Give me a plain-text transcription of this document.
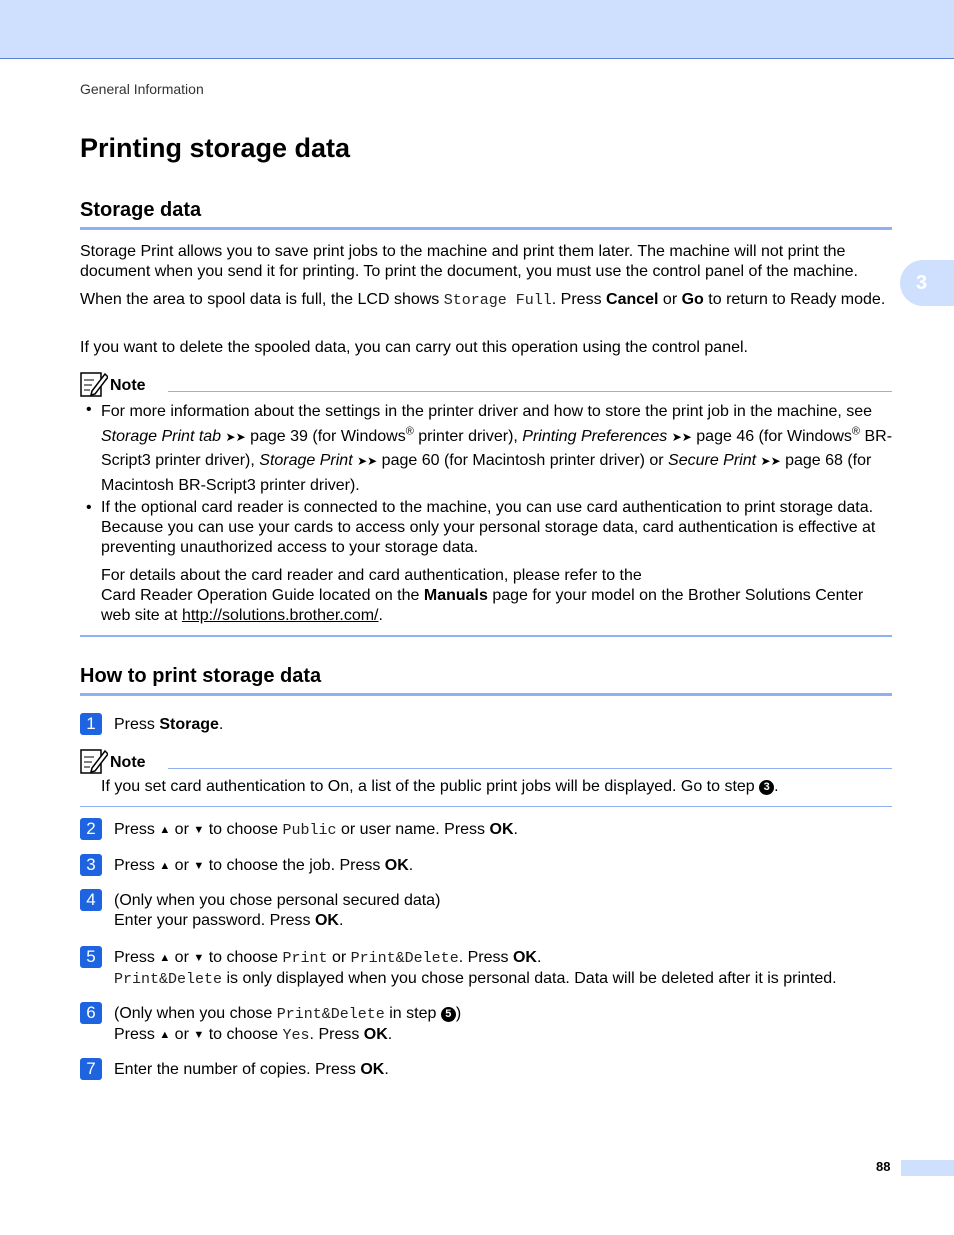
General Information
3
Printing storage data
Storage data

Storage Print allows you to save print jobs to the machine and print them later. The machine will not print the document when you send it for printing. To print the document, you must use the control panel of the machine.

When the area to spool data is full, the LCD shows Storage Full. Press Cancel or Go to return to Ready mode.

If you want to delete the spooled data, you can carry out this operation using the control panel.

Note
• For more information about the settings in the printer driver and how to store the print job in the machine, see Storage Print tab ➤➤ page 39 (for Windows® printer driver), Printing Preferences ➤➤ page 46 (for Windows® BR-Script3 printer driver), Storage Print ➤➤ page 60 (for Macintosh printer driver) or Secure Print ➤➤ page 68 (for Macintosh BR-Script3 printer driver).

• If the optional card reader is connected to the machine, you can use card authentication to print storage data. Because you can use your cards to access only your personal storage data, card authentication is effective at preventing unauthorized access to your storage data.

For details about the card reader and card authentication, please refer to the
Card Reader Operation Guide located on the Manuals page for your model on the Brother Solutions Center web site at http://solutions.brother.com/.

How to print storage data
1	Press Storage.

Note

If you set card authentication to On, a list of the public print jobs will be displayed. Go to step 3 .

2	Press ▲ or ▼ to choose Public or user name. Press OK.

3	Press ▲ or ▼ to choose the job. Press OK.

4	(Only when you chose personal secured data)
Enter your password. Press OK.

5	Press ▲ or ▼ to choose Print or Print&Delete. Press OK.
Print&Delete is only displayed when you chose personal data. Data will be deleted after it is printed.

6	(Only when you chose Print&Delete in step 5 )
Press ▲ or ▼ to choose Yes. Press OK.

7	Enter the number of copies. Press OK.

88
